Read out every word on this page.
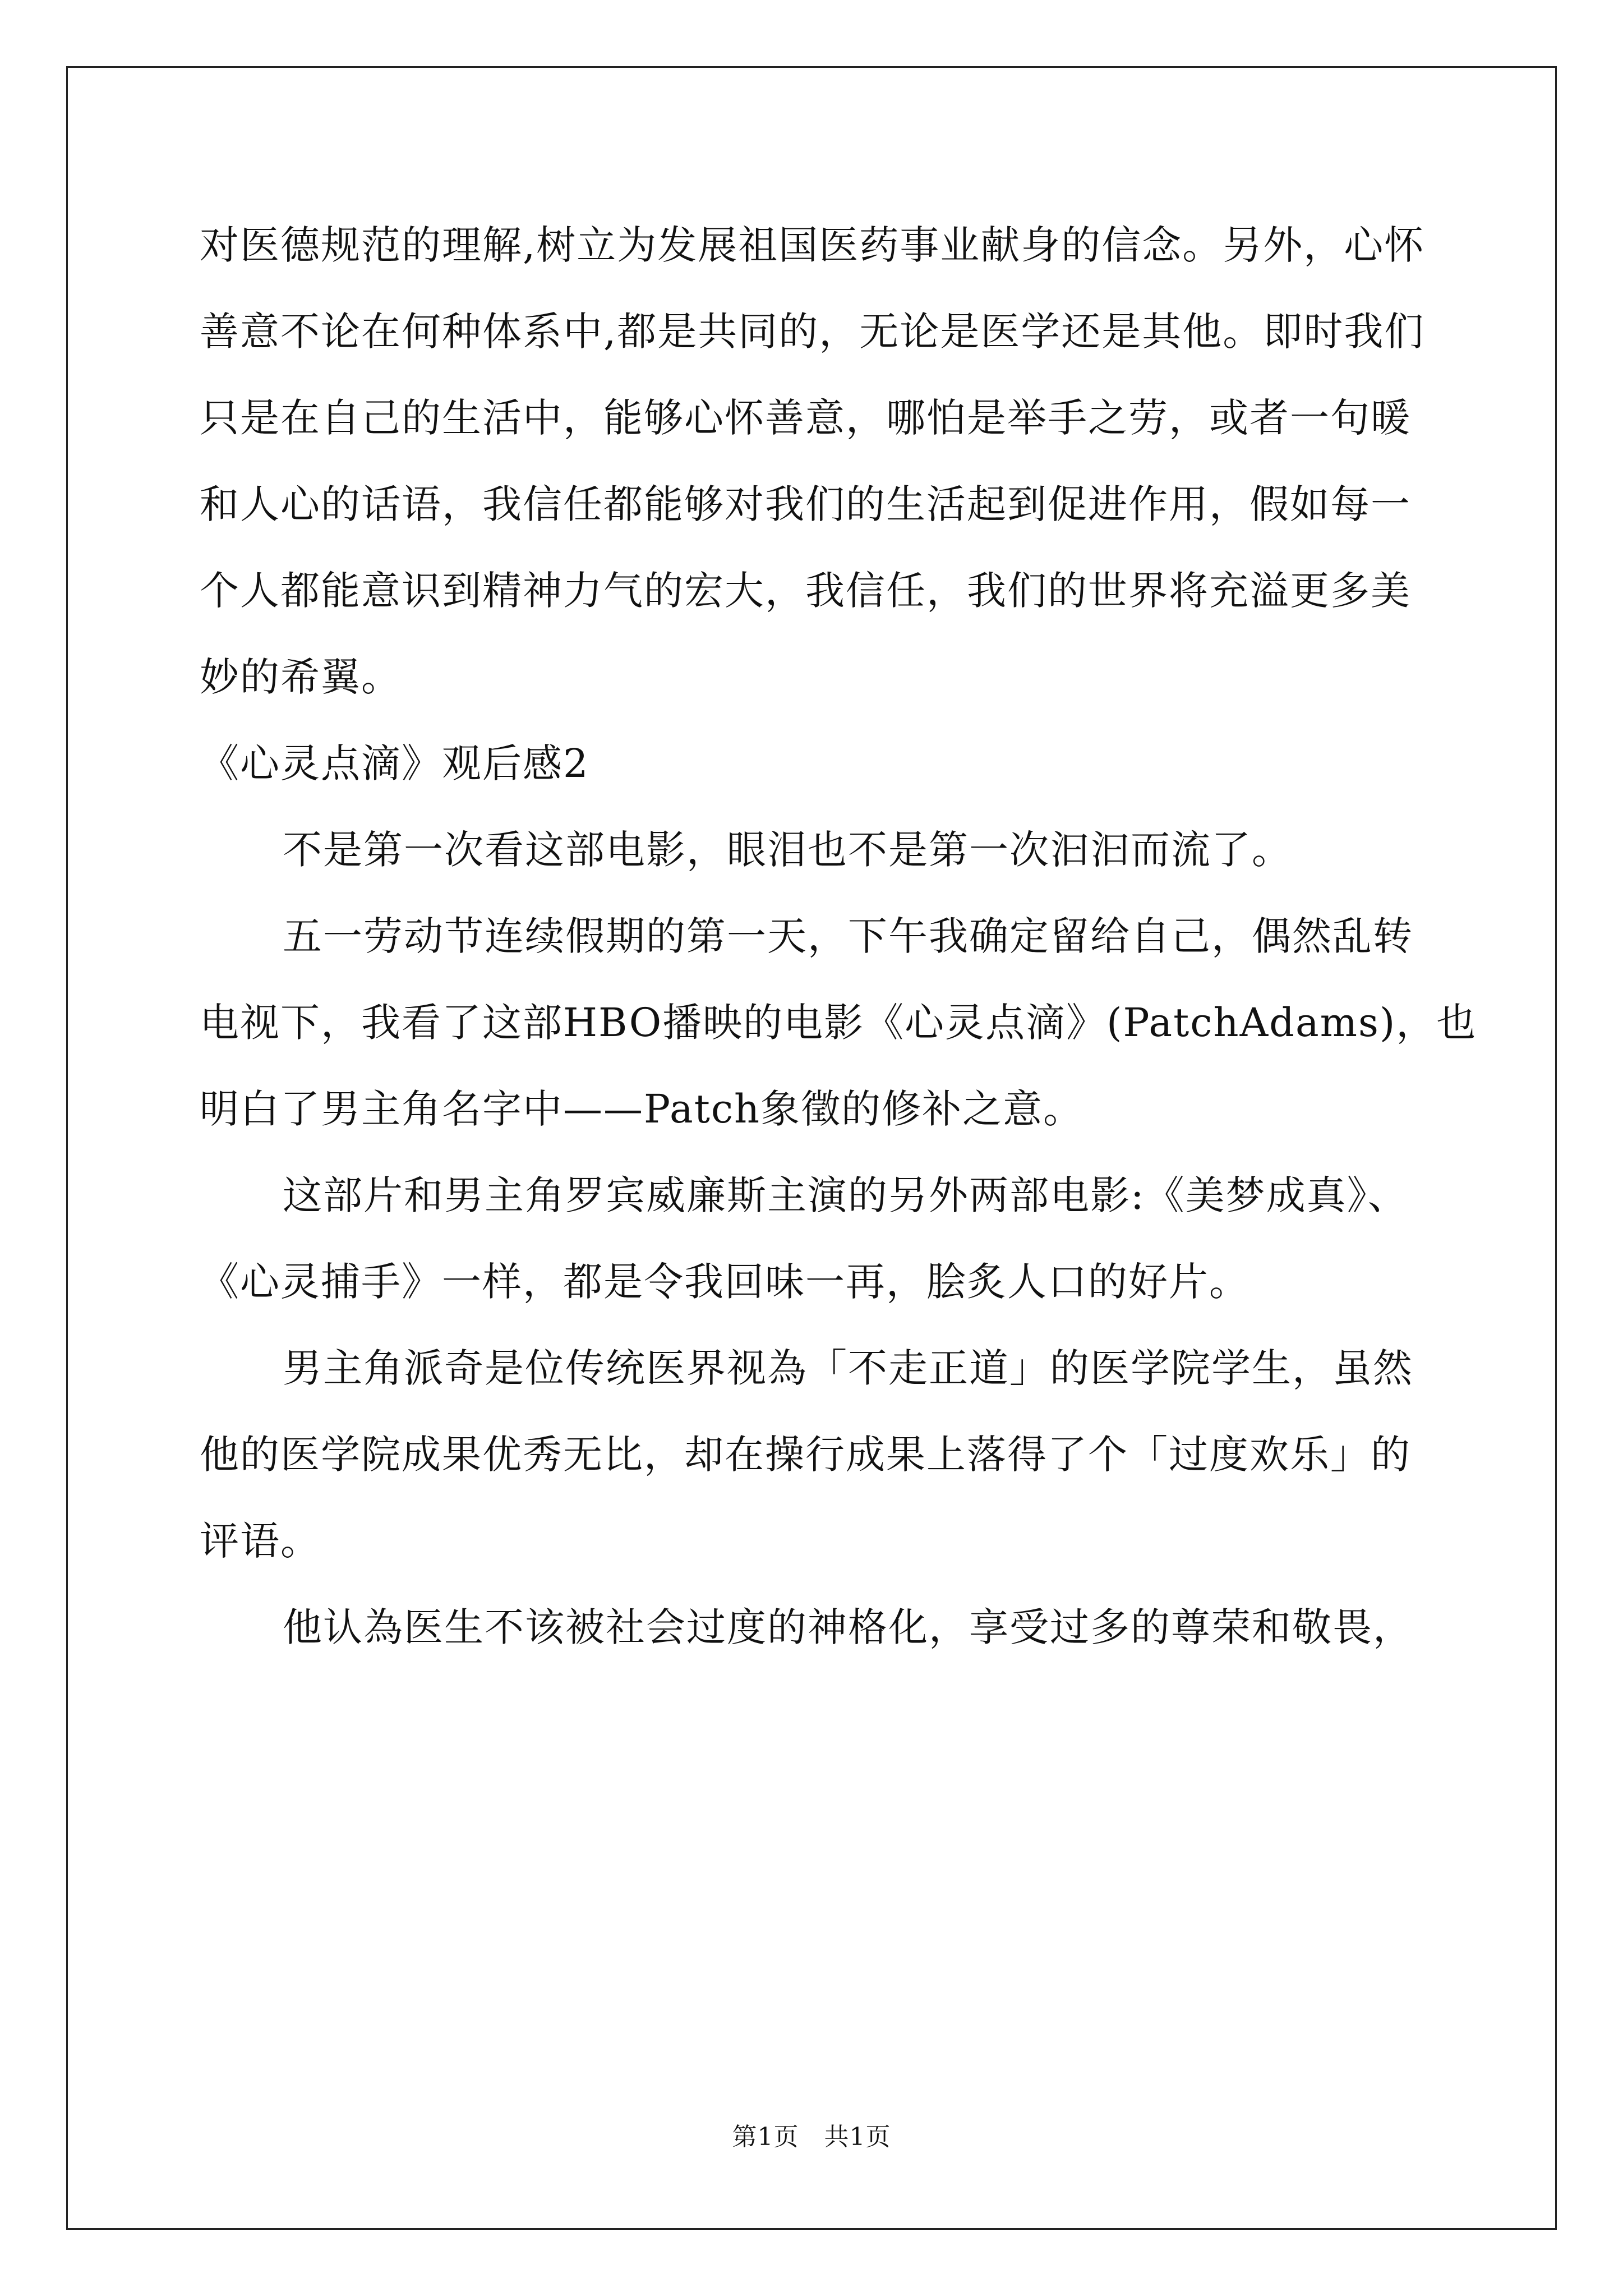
对医德规范的理解,树立为发展祖国医药事业献身的信念。另外，心怀

善意不论在何种体系中,都是共同的，无论是医学还是其他。即时我们

只是在自己的生活中，能够心怀善意，哪怕是举手之劳，或者一句暖

和人心的话语，我信任都能够对我们的生活起到促进作用，假如每一

个人都能意识到精神力气的宏大，我信任，我们的世界将充溢更多美

妙的希翼。

《心灵点滴》观后感2

不是第一次看这部电影，眼泪也不是第一次汩汩而流了。

五一劳动节连续假期的第一天，下午我确定留给自己，偶然乱转

电视下，我看了这部HBO播映的电影《心灵点滴》(PatchAdams)，也

明白了男主角名字中——Patch象徵的修补之意。

这部片和男主角罗宾威廉斯主演的另外两部电影:《美梦成真》、

《心灵捕手》一样，都是令我回味一再，脍炙人口的好片。

男主角派奇是位传统医界视為「不走正道」的医学院学生，虽然

他的医学院成果优秀无比，却在操行成果上落得了个「过度欢乐」的

评语。

他认為医生不该被社会过度的神格化，享受过多的尊荣和敬畏，

第1页 共1页
